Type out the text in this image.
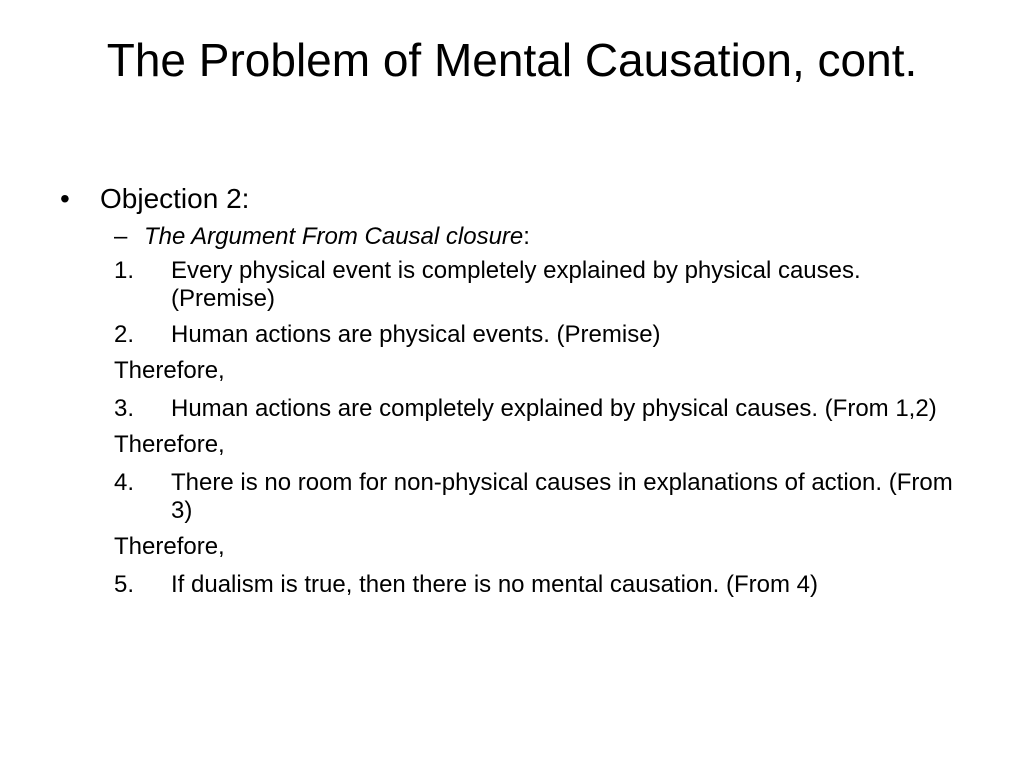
The Problem of Mental Causation, cont.
• Objection 2:
– The Argument From Causal closure:
1. Every physical event is completely explained by physical causes. (Premise)
2. Human actions are physical events. (Premise)
Therefore,
3. Human actions are completely explained by physical causes. (From 1,2)
Therefore,
4. There is no room for non-physical causes in explanations of action. (From 3)
Therefore,
5. If dualism is true, then there is no mental causation. (From 4)
